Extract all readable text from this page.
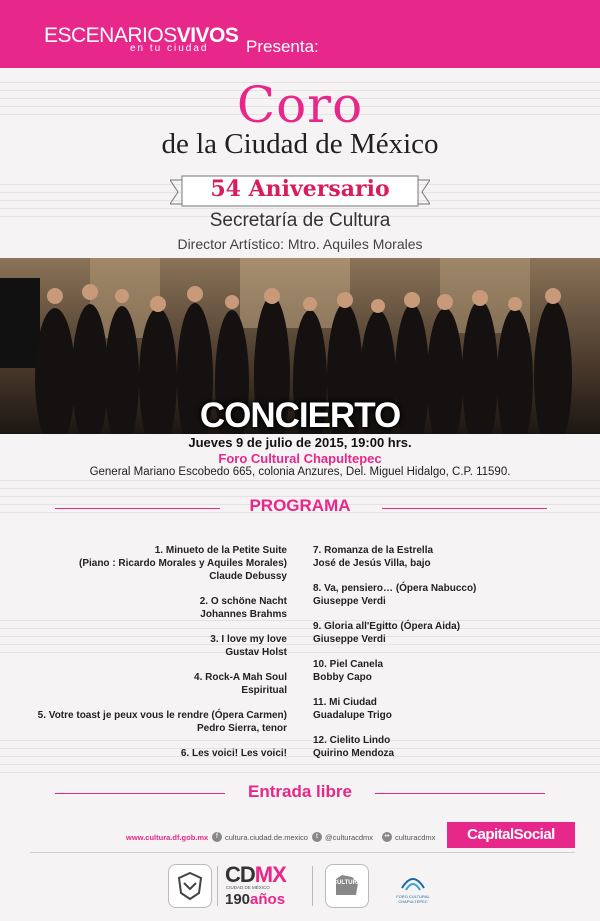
ESCENARIOSVIVOS
en tu ciudad Presenta:
Coro
de la Ciudad de México
54 Aniversario
Secretaría de Cultura
Director Artístico: Mtro. Aquiles Morales
CONCIERTO
Jueves 9 de julio de 2015, 19:00 hrs.
Foro Cultural Chapultepec
General Mariano Escobedo 665, colonia Anzures, Del. Miguel Hidalgo, C.P. 11590.
PROGRAMA
1. Minueto de la Petite Suite
(Piano : Ricardo Morales y Aquiles Morales)
Claude Debussy
2. O schöne Nacht
Johannes Brahms
3. I love my love
Gustav Holst
4. Rock-A Mah Soul
Espiritual
5. Votre toast je peux vous le rendre (Ópera Carmen)
Pedro Sierra, tenor
6. Les voici! Les voici!
7. Romanza de la Estrella
José de Jesús Villa, bajo
8. Va, pensiero… (Ópera Nabucco)
Giuseppe Verdi
9. Gloria all'Egitto (Ópera Aida)
Giuseppe Verdi
10. Piel Canela
Bobby Capo
11. Mi Ciudad
Guadalupe Trigo
12. Cielito Lindo
Quirino Mendoza
Entrada libre
www.cultura.df.gob.mx	f cultura.ciudad.de.mexico	t @culturacdmx	•• culturacdmx	CapitalSocial
CDMX
CIUDAD DE MÉXICO
190años
CULTURA
FORO CULTURAL CHAPULTEPEC
